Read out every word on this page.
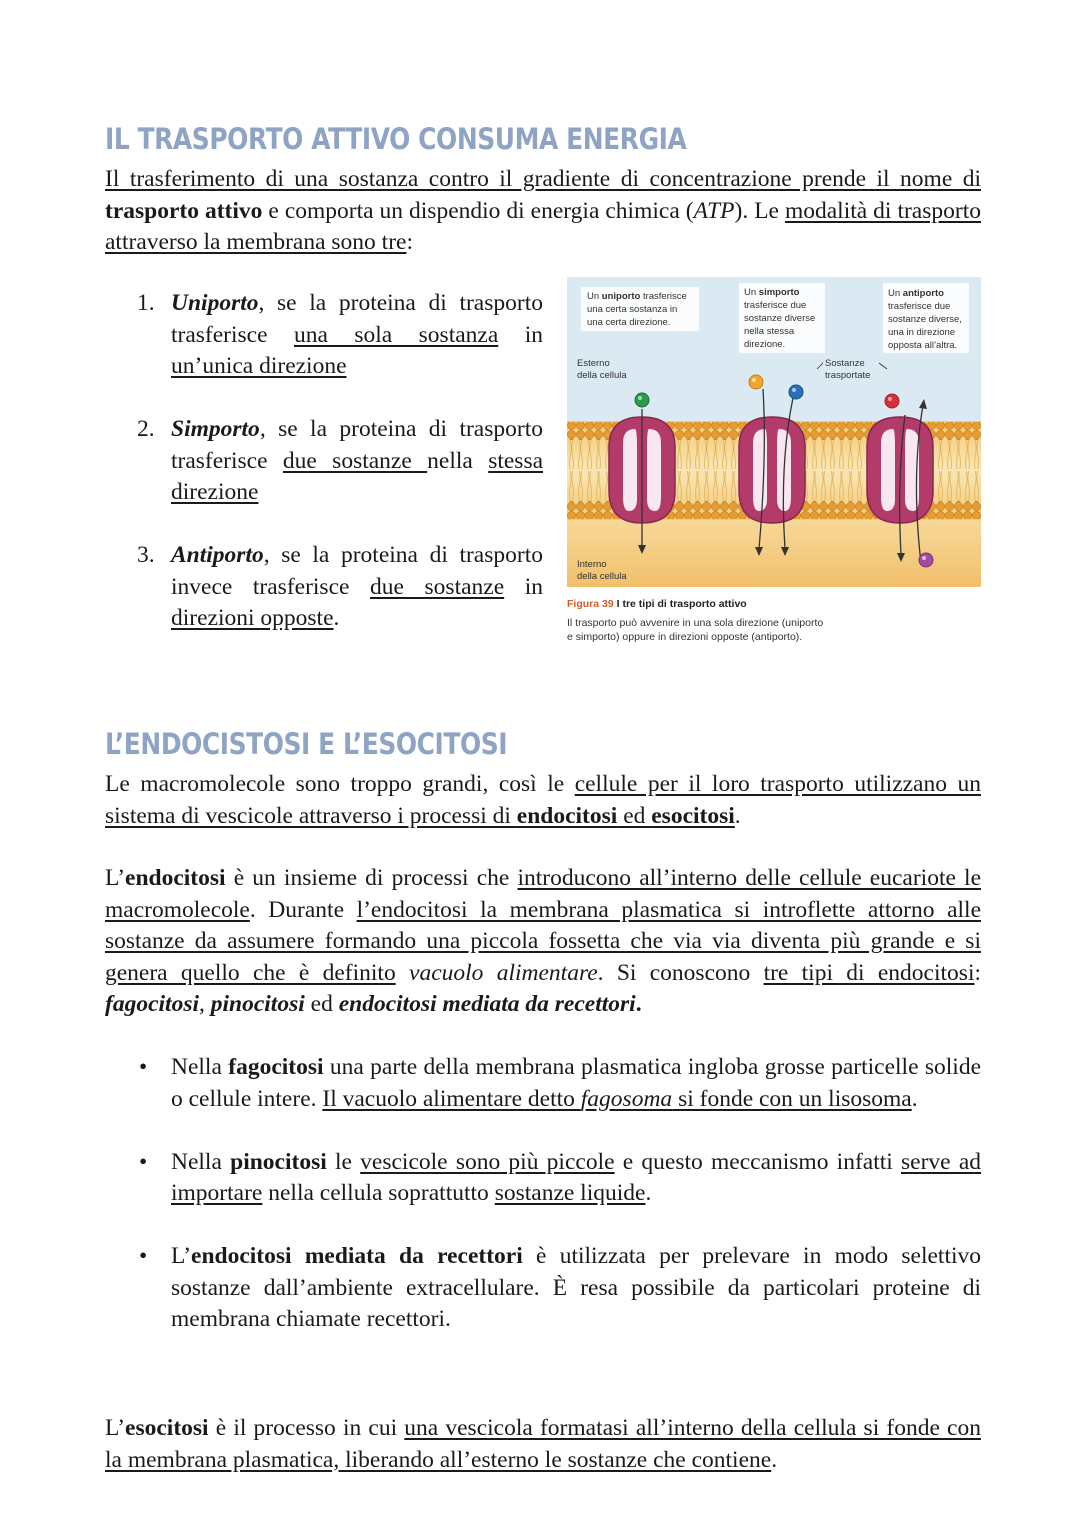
IL TRASPORTO ATTIVO CONSUMA ENERGIA
Il trasferimento di una sostanza contro il gradiente di concentrazione prende il nome di trasporto attivo e comporta un dispendio di energia chimica (ATP). Le modalità di trasporto attraverso la membrana sono tre:
1. Uniporto, se la proteina di trasporto trasferisce una sola sostanza in un’unica direzione
2. Simporto, se la proteina di trasporto trasferisce due sostanze nella stessa direzione
3. Antiporto, se la proteina di trasporto invece trasferisce due sostanze in direzioni opposte.
Un uniporto trasferisce
una certa sostanza in
una certa direzione.
Un simporto
trasferisce due
sostanze diverse
nella stessa
direzione.
Un antiporto
trasferisce due
sostanze diverse,
una in direzione
opposta all’altra.
Esterno
della cellula
Sostanze
trasportate
Interno
della cellula
Figura 39 I tre tipi di trasporto attivo
Il trasporto può avvenire in una sola direzione (uniporto
e simporto) oppure in direzioni opposte (antiporto).
L’ENDOCISTOSI E L’ESOCITOSI
Le macromolecole sono troppo grandi, così le cellule per il loro trasporto utilizzano un sistema di vescicole attraverso i processi di endocitosi ed esocitosi.
L’endocitosi è un insieme di processi che introducono all’interno delle cellule eucariote le macromolecole. Durante l’endocitosi la membrana plasmatica si introflette attorno alle sostanze da assumere formando una piccola fossetta che via via diventa più grande e si genera quello che è definito vacuolo alimentare. Si conoscono tre tipi di endocitosi: fagocitosi, pinocitosi ed endocitosi mediata da recettori.
• Nella fagocitosi una parte della membrana plasmatica ingloba grosse particelle solide o cellule intere. Il vacuolo alimentare detto fagosoma si fonde con un lisosoma.
• Nella pinocitosi le vescicole sono più piccole e questo meccanismo infatti serve ad importare nella cellula soprattutto sostanze liquide.
• L’endocitosi mediata da recettori è utilizzata per prelevare in modo selettivo sostanze dall’ambiente extracellulare. È resa possibile da particolari proteine di membrana chiamate recettori.
L’esocitosi è il processo in cui una vescicola formatasi all’interno della cellula si fonde con la membrana plasmatica, liberando all’esterno le sostanze che contiene.
